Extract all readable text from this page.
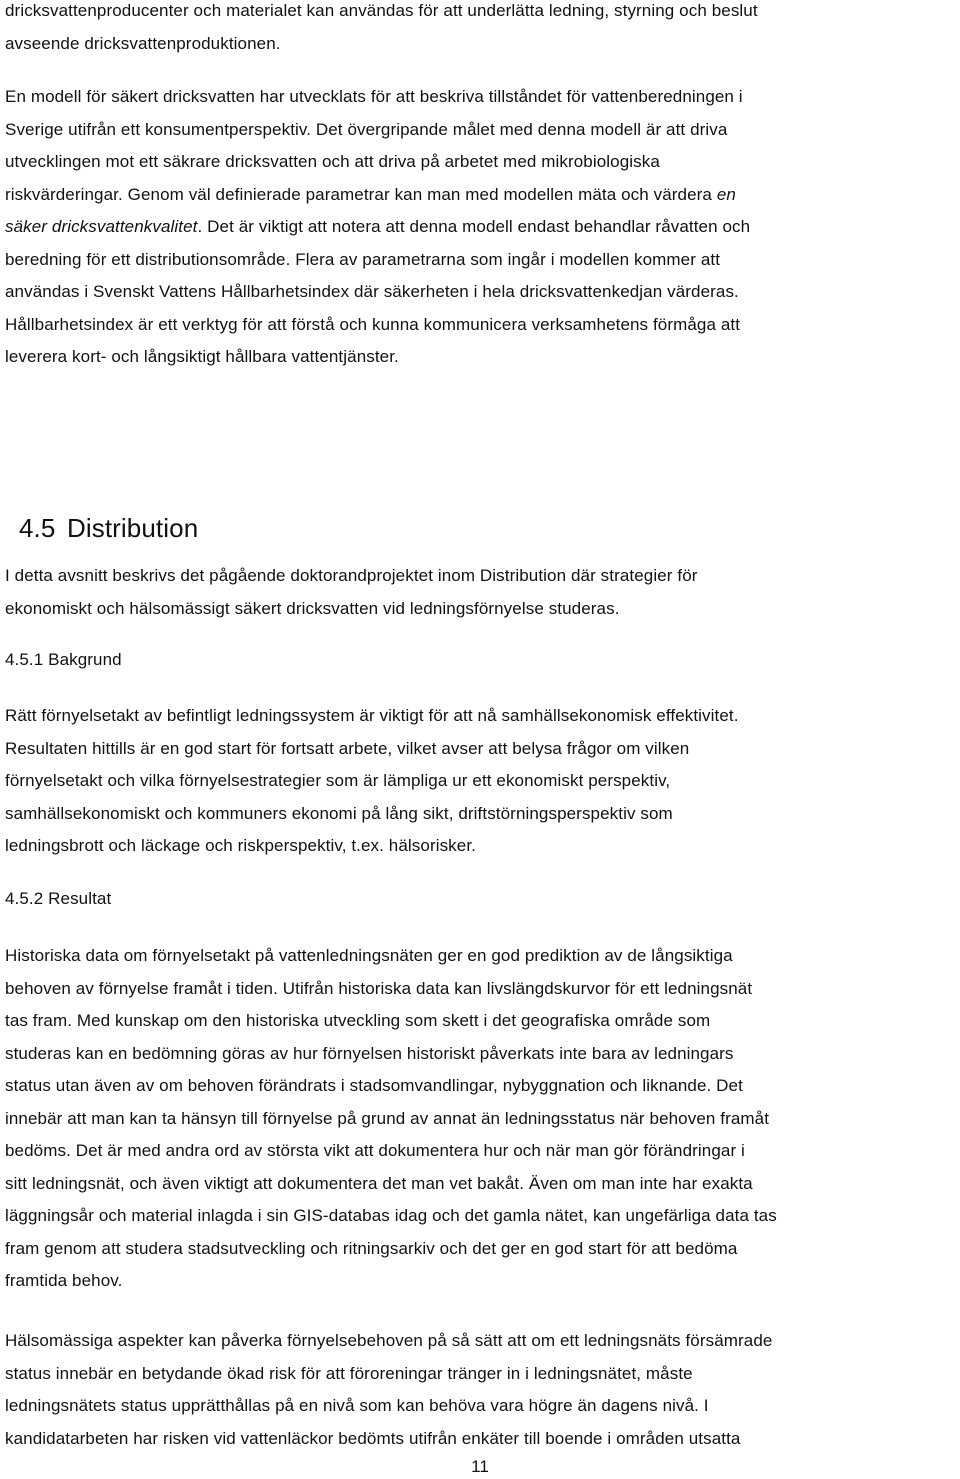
dricksvattenproducenter och materialet kan användas för att underlätta ledning, styrning och beslut
avseende dricksvattenproduktionen.

En modell för säkert dricksvatten har utvecklats för att beskriva tillståndet för vattenberedningen i
Sverige utifrån ett konsumentperspektiv. Det övergripande målet med denna modell är att driva
utvecklingen mot ett säkrare dricksvatten och att driva på arbetet med mikrobiologiska
riskvärderingar. Genom väl definierade parametrar kan man med modellen mäta och värdera en
säker dricksvattenkvalitet. Det är viktigt att notera att denna modell endast behandlar råvatten och
beredning för ett distributionsområde. Flera av parametrarna som ingår i modellen kommer att
användas i Svenskt Vattens Hållbarhetsindex där säkerheten i hela dricksvattenkedjan värderas.
Hållbarhetsindex är ett verktyg för att förstå och kunna kommunicera verksamhetens förmåga att
leverera kort- och långsiktigt hållbara vattentjänster.

4.5 Distribution

I detta avsnitt beskrivs det pågående doktorandprojektet inom Distribution där strategier för
ekonomiskt och hälsomässigt säkert dricksvatten vid ledningsförnyelse studeras.

4.5.1 Bakgrund

Rätt förnyelsetakt av befintligt ledningssystem är viktigt för att nå samhällsekonomisk effektivitet.
Resultaten hittills är en god start för fortsatt arbete, vilket avser att belysa frågor om vilken
förnyelsetakt och vilka förnyelsestrategier som är lämpliga ur ett ekonomiskt perspektiv,
samhällsekonomiskt och kommuners ekonomi på lång sikt, driftstörningsperspektiv som
ledningsbrott och läckage och riskperspektiv, t.ex. hälsorisker.

4.5.2 Resultat

Historiska data om förnyelsetakt på vattenledningsnäten ger en god prediktion av de långsiktiga
behoven av förnyelse framåt i tiden. Utifrån historiska data kan livslängdskurvor för ett ledningsnät
tas fram. Med kunskap om den historiska utveckling som skett i det geografiska område som
studeras kan en bedömning göras av hur förnyelsen historiskt påverkats inte bara av ledningars
status utan även av om behoven förändrats i stadsomvandlingar, nybyggnation och liknande. Det
innebär att man kan ta hänsyn till förnyelse på grund av annat än ledningsstatus när behoven framåt
bedöms. Det är med andra ord av största vikt att dokumentera hur och när man gör förändringar i
sitt ledningsnät, och även viktigt att dokumentera det man vet bakåt. Även om man inte har exakta
läggningsår och material inlagda i sin GIS-databas idag och det gamla nätet, kan ungefärliga data tas
fram genom att studera stadsutveckling och ritningsarkiv och det ger en god start för att bedöma
framtida behov.

Hälsomässiga aspekter kan påverka förnyelsebehoven på så sätt att om ett ledningsnäts försämrade
status innebär en betydande ökad risk för att föroreningar tränger in i ledningsnätet, måste
ledningsnätets status upprätthållas på en nivå som kan behöva vara högre än dagens nivå. I
kandidatarbeten har risken vid vattenläckor bedömts utifrån enkäter till boende i områden utsatta

11
